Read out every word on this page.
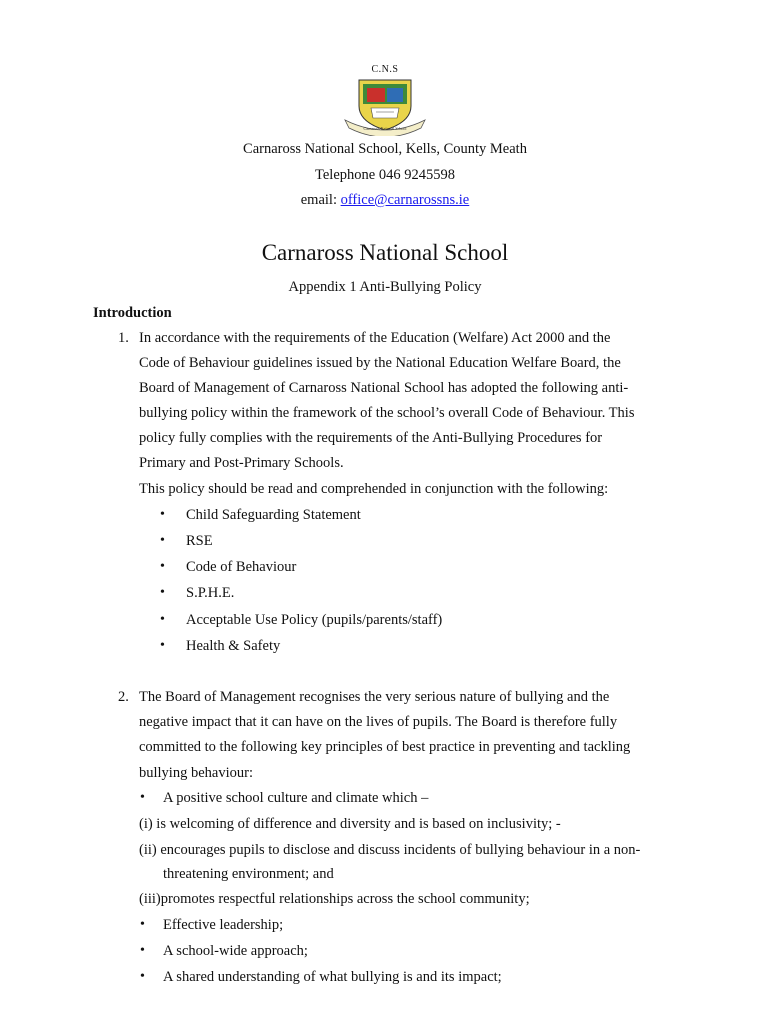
C.N.S
Carnaross National School
Carnaross National School, Kells, County Meath
Telephone 046 9245598
email: office@carnarossns.ie
Carnaross National School
Appendix 1 Anti-Bullying Policy
Introduction
1. In accordance with the requirements of the Education (Welfare) Act 2000 and the
Code of Behaviour guidelines issued by the National Education Welfare Board, the
Board of Management of Carnaross National School has adopted the following anti-
bullying policy within the framework of the school’s overall Code of Behaviour. This
policy fully complies with the requirements of the Anti-Bullying Procedures for
Primary and Post-Primary Schools.
This policy should be read and comprehended in conjunction with the following:
• Child Safeguarding Statement
• RSE
• Code of Behaviour
• S.P.H.E.
• Acceptable Use Policy (pupils/parents/staff)
• Health & Safety
2. The Board of Management recognises the very serious nature of bullying and the
negative impact that it can have on the lives of pupils. The Board is therefore fully
committed to the following key principles of best practice in preventing and tackling
bullying behaviour:
• A positive school culture and climate which –
(i) is welcoming of difference and diversity and is based on inclusivity; -
(ii) encourages pupils to disclose and discuss incidents of bullying behaviour in a non-
threatening environment; and
(iii)promotes respectful relationships across the school community;
• Effective leadership;
• A school-wide approach;
• A shared understanding of what bullying is and its impact;
